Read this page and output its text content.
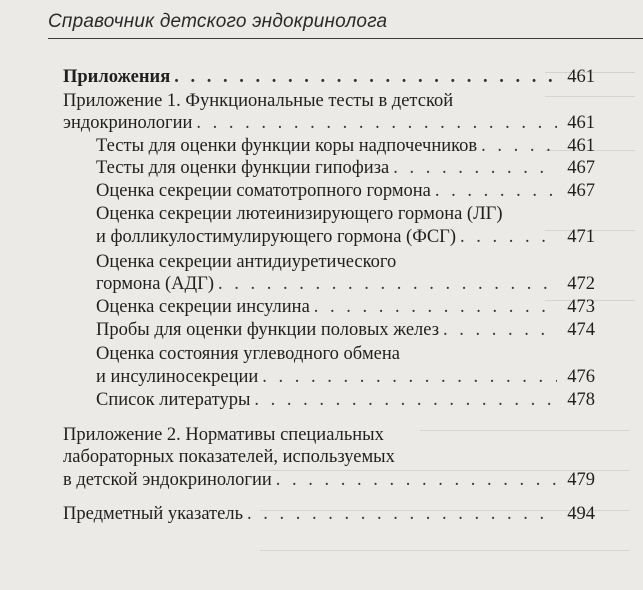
Справочник детского эндокринолога
Приложения . . .	461
Приложение 1. Функциональные тесты в детской
эндокринологии . . .	461
Тесты для оценки функции коры надпочечников . . .	461
Тесты для оценки функции гипофиза . . .	467
Оценка секреции соматотропного гормона . . .	467
Оценка секреции лютеинизирующего гормона (ЛГ)
и фолликулостимулирующего гормона (ФСГ) . . .	471
Оценка секреции антидиуретического
гормона (АДГ) . . .	472
Оценка секреции инсулина . . .	473
Пробы для оценки функции половых желез . . .	474
Оценка состояния углеводного обмена
и инсулиносекреции . . .	476
Список литературы . . .	478
Приложение 2. Нормативы специальных
лабораторных показателей, используемых
в детской эндокринологии . . .	479
Предметный указатель . . .	494
